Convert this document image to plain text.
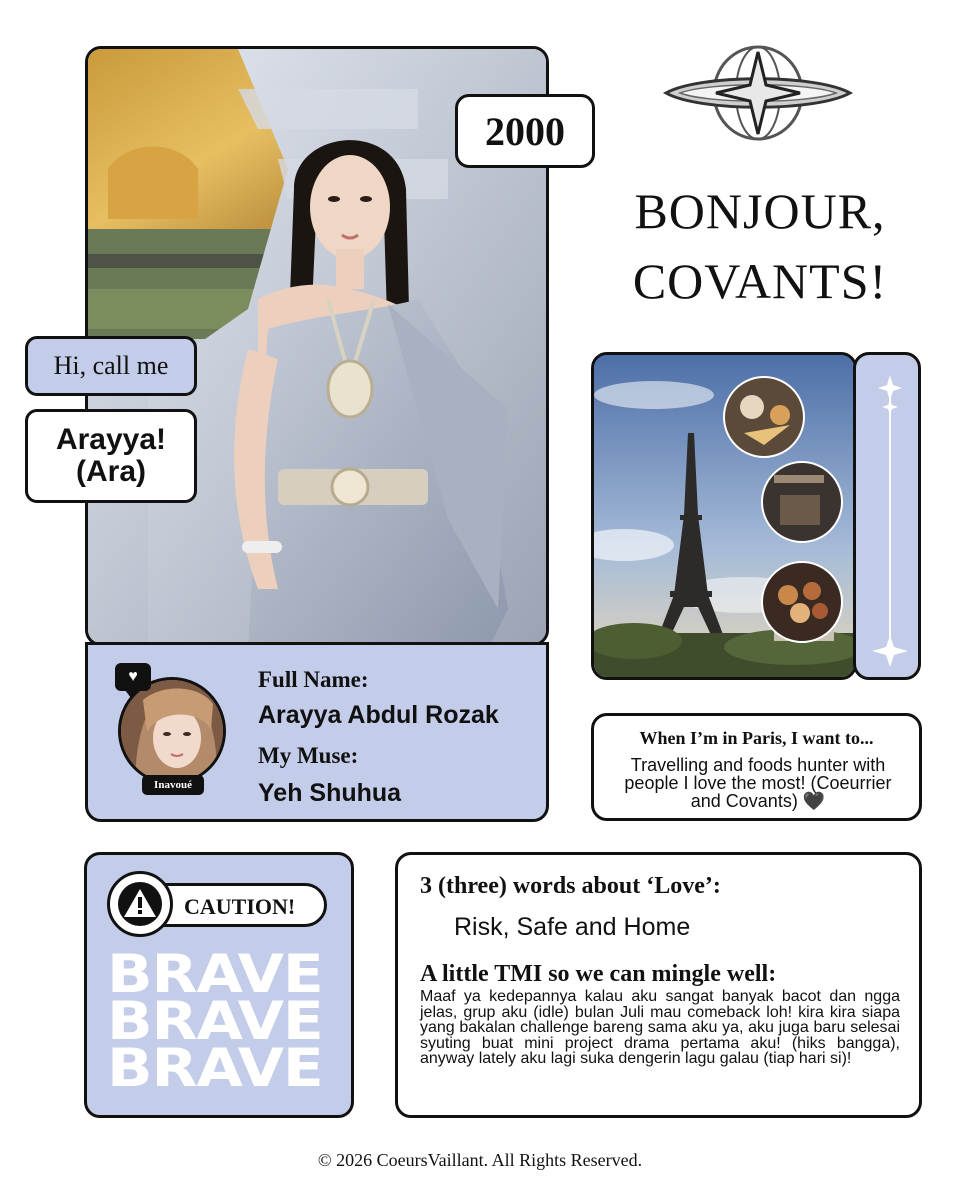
2000
Hi, call me
Arayya!
(Ara)
♥
Inavoué
Full Name:
Arayya Abdul Rozak
My Muse:
Yeh Shuhua
BONJOUR,
COVANTS!
When I’m in Paris, I want to...
Travelling and foods hunter with people I love the most! (Coeurrier and Covants) 🖤
CAUTION!
BRAVE
BRAVE
BRAVE
3 (three) words about ‘Love’:
Risk, Safe and Home
A little TMI so we can mingle well:
Maaf ya kedepannya kalau aku sangat banyak bacot dan ngga jelas, grup aku (idle) bulan Juli mau comeback loh! kira kira siapa yang bakalan challenge bareng sama aku ya, aku juga baru selesai syuting buat mini project drama pertama aku! (hiks bangga), anyway lately aku lagi suka dengerin lagu galau (tiap hari si)!
© 2026 CoeursVaillant. All Rights Reserved.
